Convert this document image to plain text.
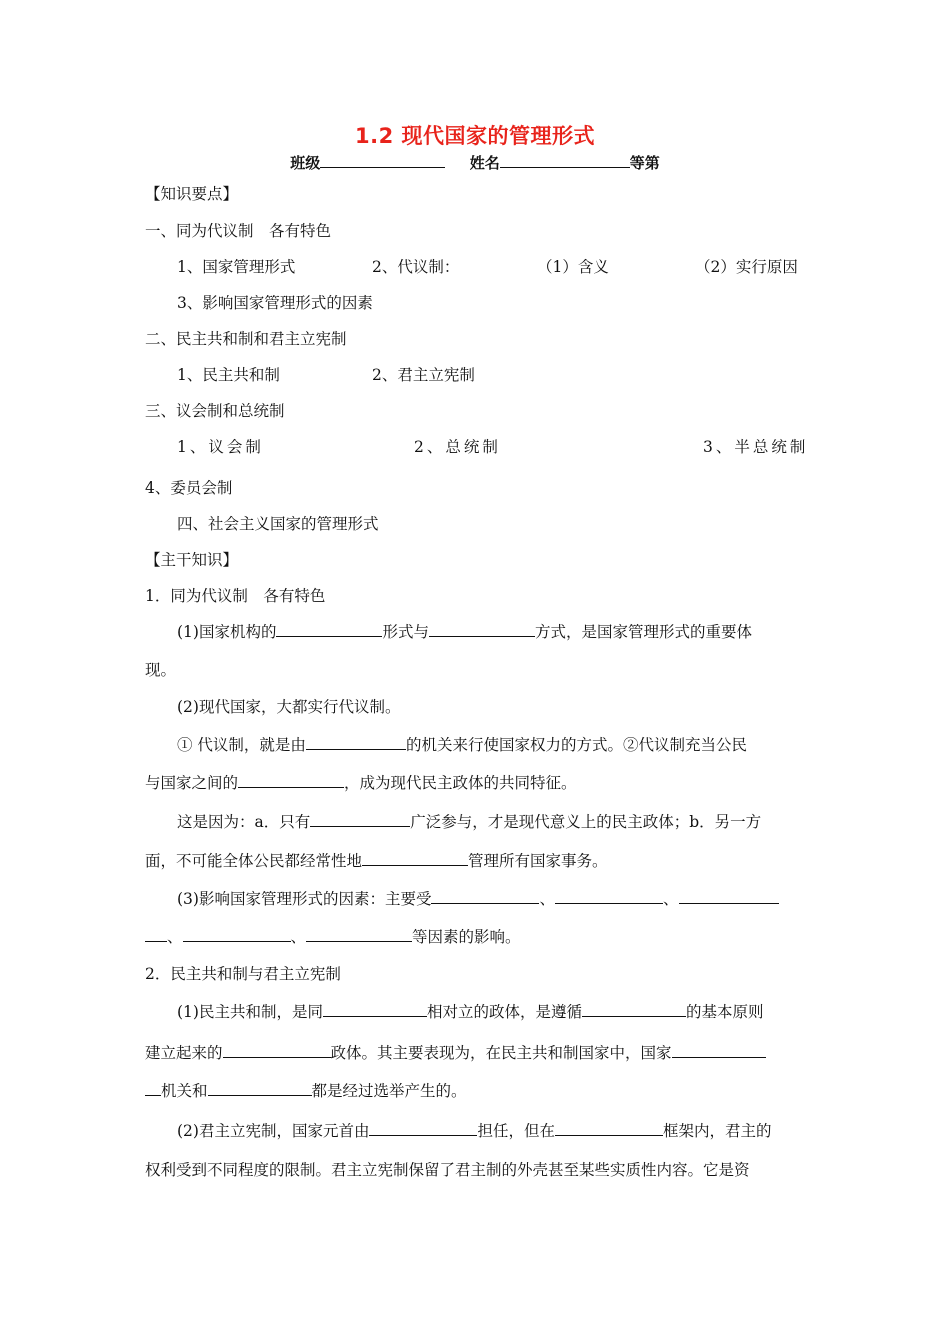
1.2 现代国家的管理形式
班级	姓名	等第
【知识要点】
一、同为代议制　各有特色
1、国家管理形式	2、代议制：	（1）含义	（2）实行原因
3、影响国家管理形式的因素
二、民主共和制和君主立宪制
1、民主共和制	2、君主立宪制
三、议会制和总统制
1、议会制	2、总统制	3、半总统制
4、委员会制
四、社会主义国家的管理形式
【主干知识】
1．同为代议制　各有特色
(1)国家机构的	形式与	方式，是国家管理形式的重要体
现。
(2)现代国家，大都实行代议制。
① 代议制，就是由	的机关来行使国家权力的方式。②代议制充当公民
与国家之间的	，成为现代民主政体的共同特征。
这是因为：a．只有	广泛参与，才是现代意义上的民主政体；b．另一方
面，不可能全体公民都经常性地	管理所有国家事务。
(3)影响国家管理形式的因素：主要受	、	、
、	、	等因素的影响。
2．民主共和制与君主立宪制
(1)民主共和制，是同	相对立的政体，是遵循	的基本原则
建立起来的	政体。其主要表现为，在民主共和制国家中，国家
机关和	都是经过选举产生的。
(2)君主立宪制，国家元首由	担任，但在	框架内，君主的
权利受到不同程度的限制。君主立宪制保留了君主制的外壳甚至某些实质性内容。它是资
